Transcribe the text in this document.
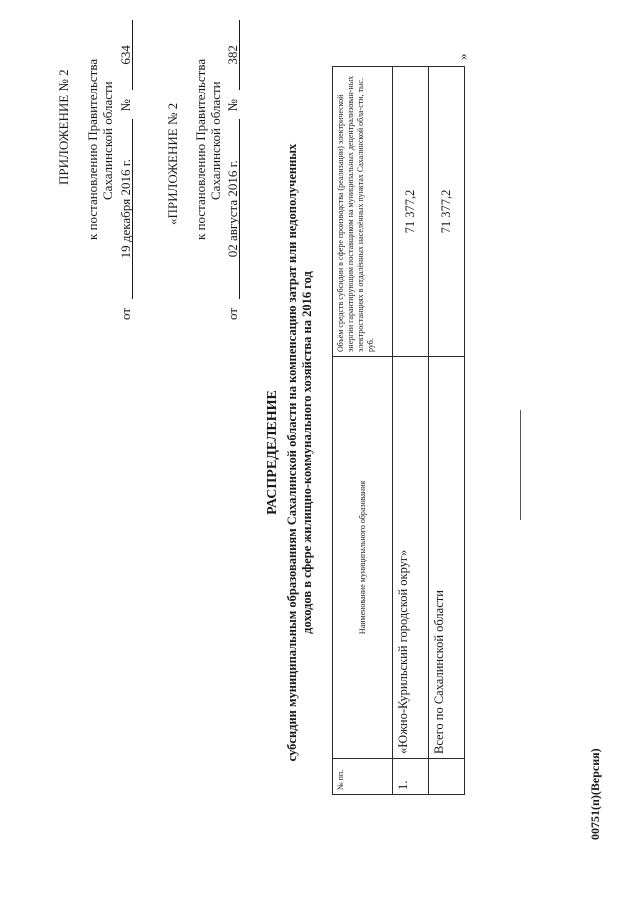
ПРИЛОЖЕНИЕ № 2 к постановлению Правительства Сахалинской области
от 19 декабря 2016 г. № 634
«ПРИЛОЖЕНИЕ № 2 к постановлению Правительства Сахалинской области
от 02 августа 2016 г. № 382
РАСПРЕДЕЛЕНИЕ субсидии муниципальным образованиям Сахалинской области на компенсацию затрат или недополученных доходов в сфере жилищно-коммунального хозяйства на 2016 год
№ пп.	Наименование муниципального образования	Объём средств субсидии в сфере производства (реализации) электрической энергии гарантирующим поставщиком на муниципальных децентрализован-ных электростанциях в отдалённых населённых пунктах Сахалинской обла-сти, тыс. руб.
1.	«Южно-Курильский городской округ»	71 377,2
	Всего по Сахалинской области	71 377,2
»
00751(п)(Версия)
